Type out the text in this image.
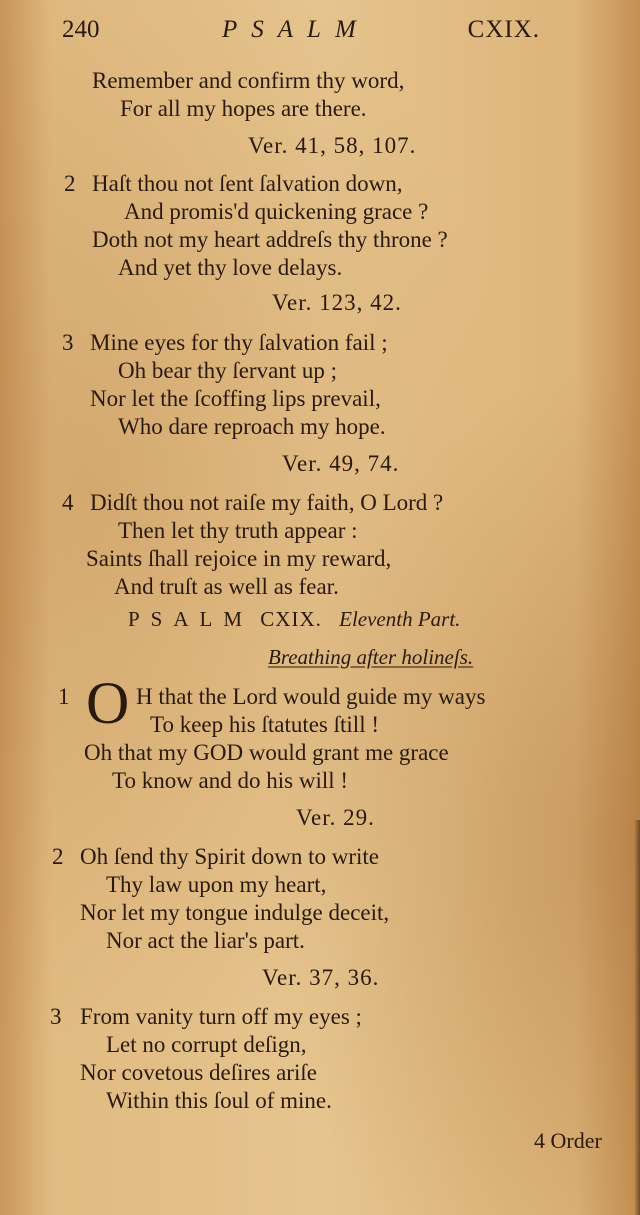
240	PSALM	CXIX.
Remember and confirm thy word,
For all my hopes are there.
Ver. 41, 58, 107.
2 Haſt thou not ſent ſalvation down,
And promis'd quickening grace ?
Doth not my heart addreſs thy throne ?
And yet thy love delays.
Ver. 123, 42.
3 Mine eyes for thy ſalvation fail ;
Oh bear thy ſervant up ;
Nor let the ſcoffing lips prevail,
Who dare reproach my hope.
Ver. 49, 74.
4 Didſt thou not raiſe my faith, O Lord ?
Then let thy truth appear :
Saints ſhall rejoice in my reward,
And truſt as well as fear.
PSALM CXIX. Eleventh Part.
Breathing after holineſs.
1 O H that the Lord would guide my ways
To keep his ſtatutes ſtill !
Oh that my GOD would grant me grace
To know and do his will !
Ver. 29.
2 Oh ſend thy Spirit down to write
Thy law upon my heart,
Nor let my tongue indulge deceit,
Nor act the liar's part.
Ver. 37, 36.
3 From vanity turn off my eyes ;
Let no corrupt deſign,
Nor covetous deſires ariſe
Within this ſoul of mine.
4 Order
